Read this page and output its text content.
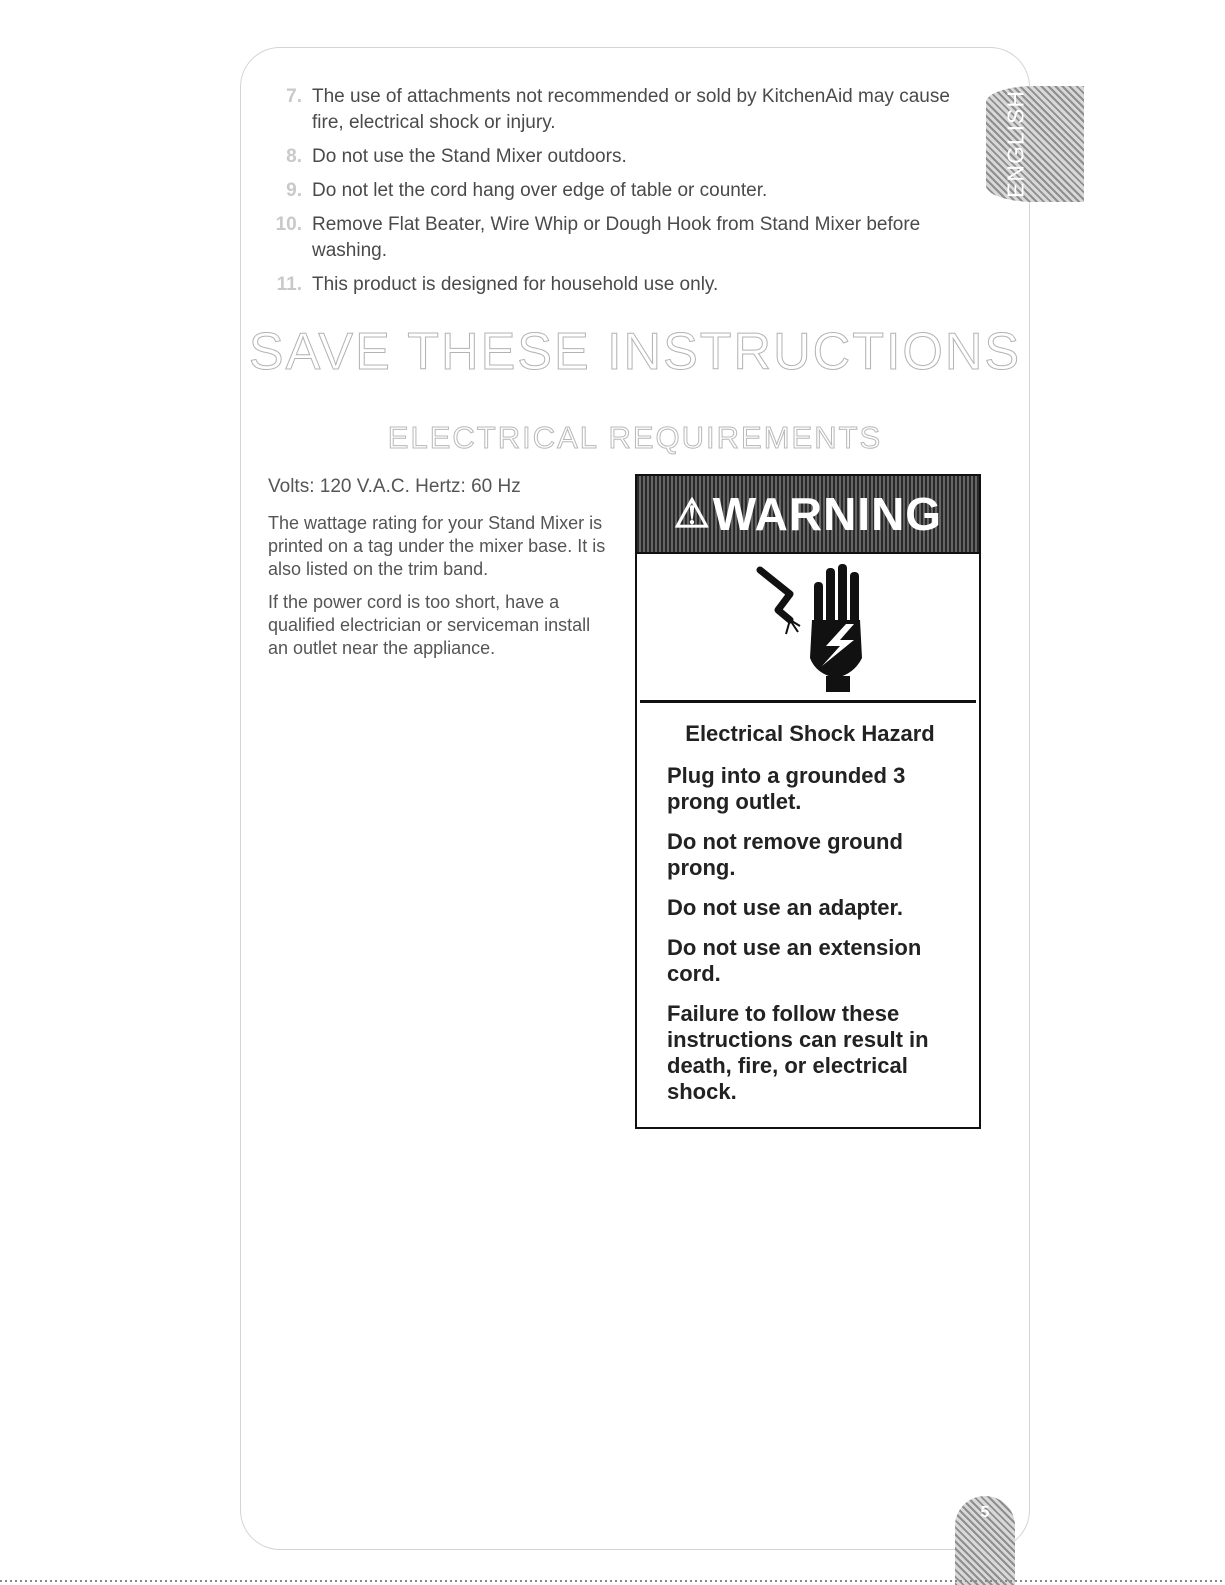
ENGLISH
7. The use of attachments not recommended or sold by KitchenAid may cause fire, electrical shock or injury.
8. Do not use the Stand Mixer outdoors.
9. Do not let the cord hang over edge of table or counter.
10. Remove Flat Beater, Wire Whip or Dough Hook from Stand Mixer before washing.
11. This product is designed for household use only.
SAVE THESE INSTRUCTIONS
ELECTRICAL REQUIREMENTS

Volts: 120 V.A.C. Hertz: 60 Hz

The wattage rating for your Stand Mixer is printed on a tag under the mixer base. It is also listed on the trim band.

If the power cord is too short, have a qualified electrician or serviceman install an outlet near the appliance.

⚠ WARNING
Electrical Shock Hazard

Plug into a grounded 3 prong outlet.

Do not remove ground prong.

Do not use an adapter.

Do not use an extension cord.

Failure to follow these instructions can result in death, fire, or electrical shock.

5
